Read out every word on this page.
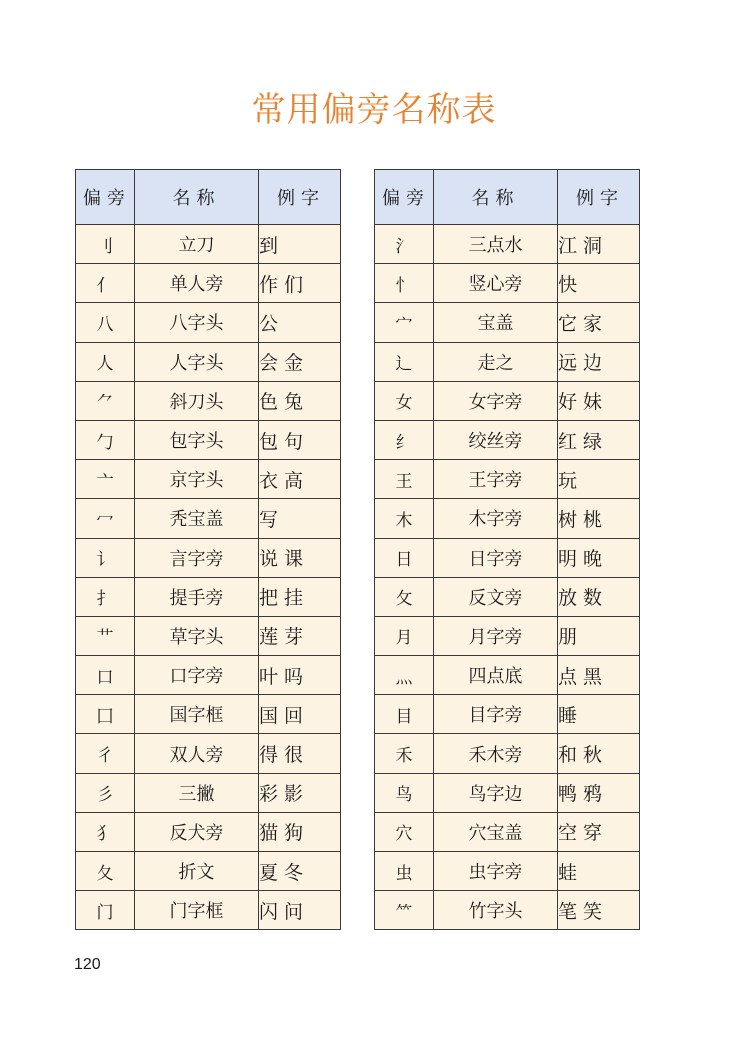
常用偏旁名称表
偏旁	名称	例字
刂	立刀	到
亻	单人旁	作们
八	八字头	公
人	人字头	会金
⺈	斜刀头	色兔
勹	包字头	包句
亠	京字头	衣高
冖	秃宝盖	写
讠	言字旁	说课
扌	提手旁	把挂
艹	草字头	莲芽
口	口字旁	叶吗
囗	国字框	国回
彳	双人旁	得很
彡	三撇	彩影
犭	反犬旁	猫狗
夂	折文	夏冬
门	门字框	闪问
偏旁	名称	例字
氵	三点水	江洞
忄	竖心旁	快
宀	宝盖	它家
辶	走之	远边
女	女字旁	好妹
纟	绞丝旁	红绿
王	王字旁	玩
木	木字旁	树桃
日	日字旁	明晚
攵	反文旁	放数
月	月字旁	朋
灬	四点底	点黑
目	目字旁	睡
禾	禾木旁	和秋
鸟	鸟字边	鸭鸦
穴	穴宝盖	空穿
虫	虫字旁	蛙
⺮	竹字头	笔笑
120
